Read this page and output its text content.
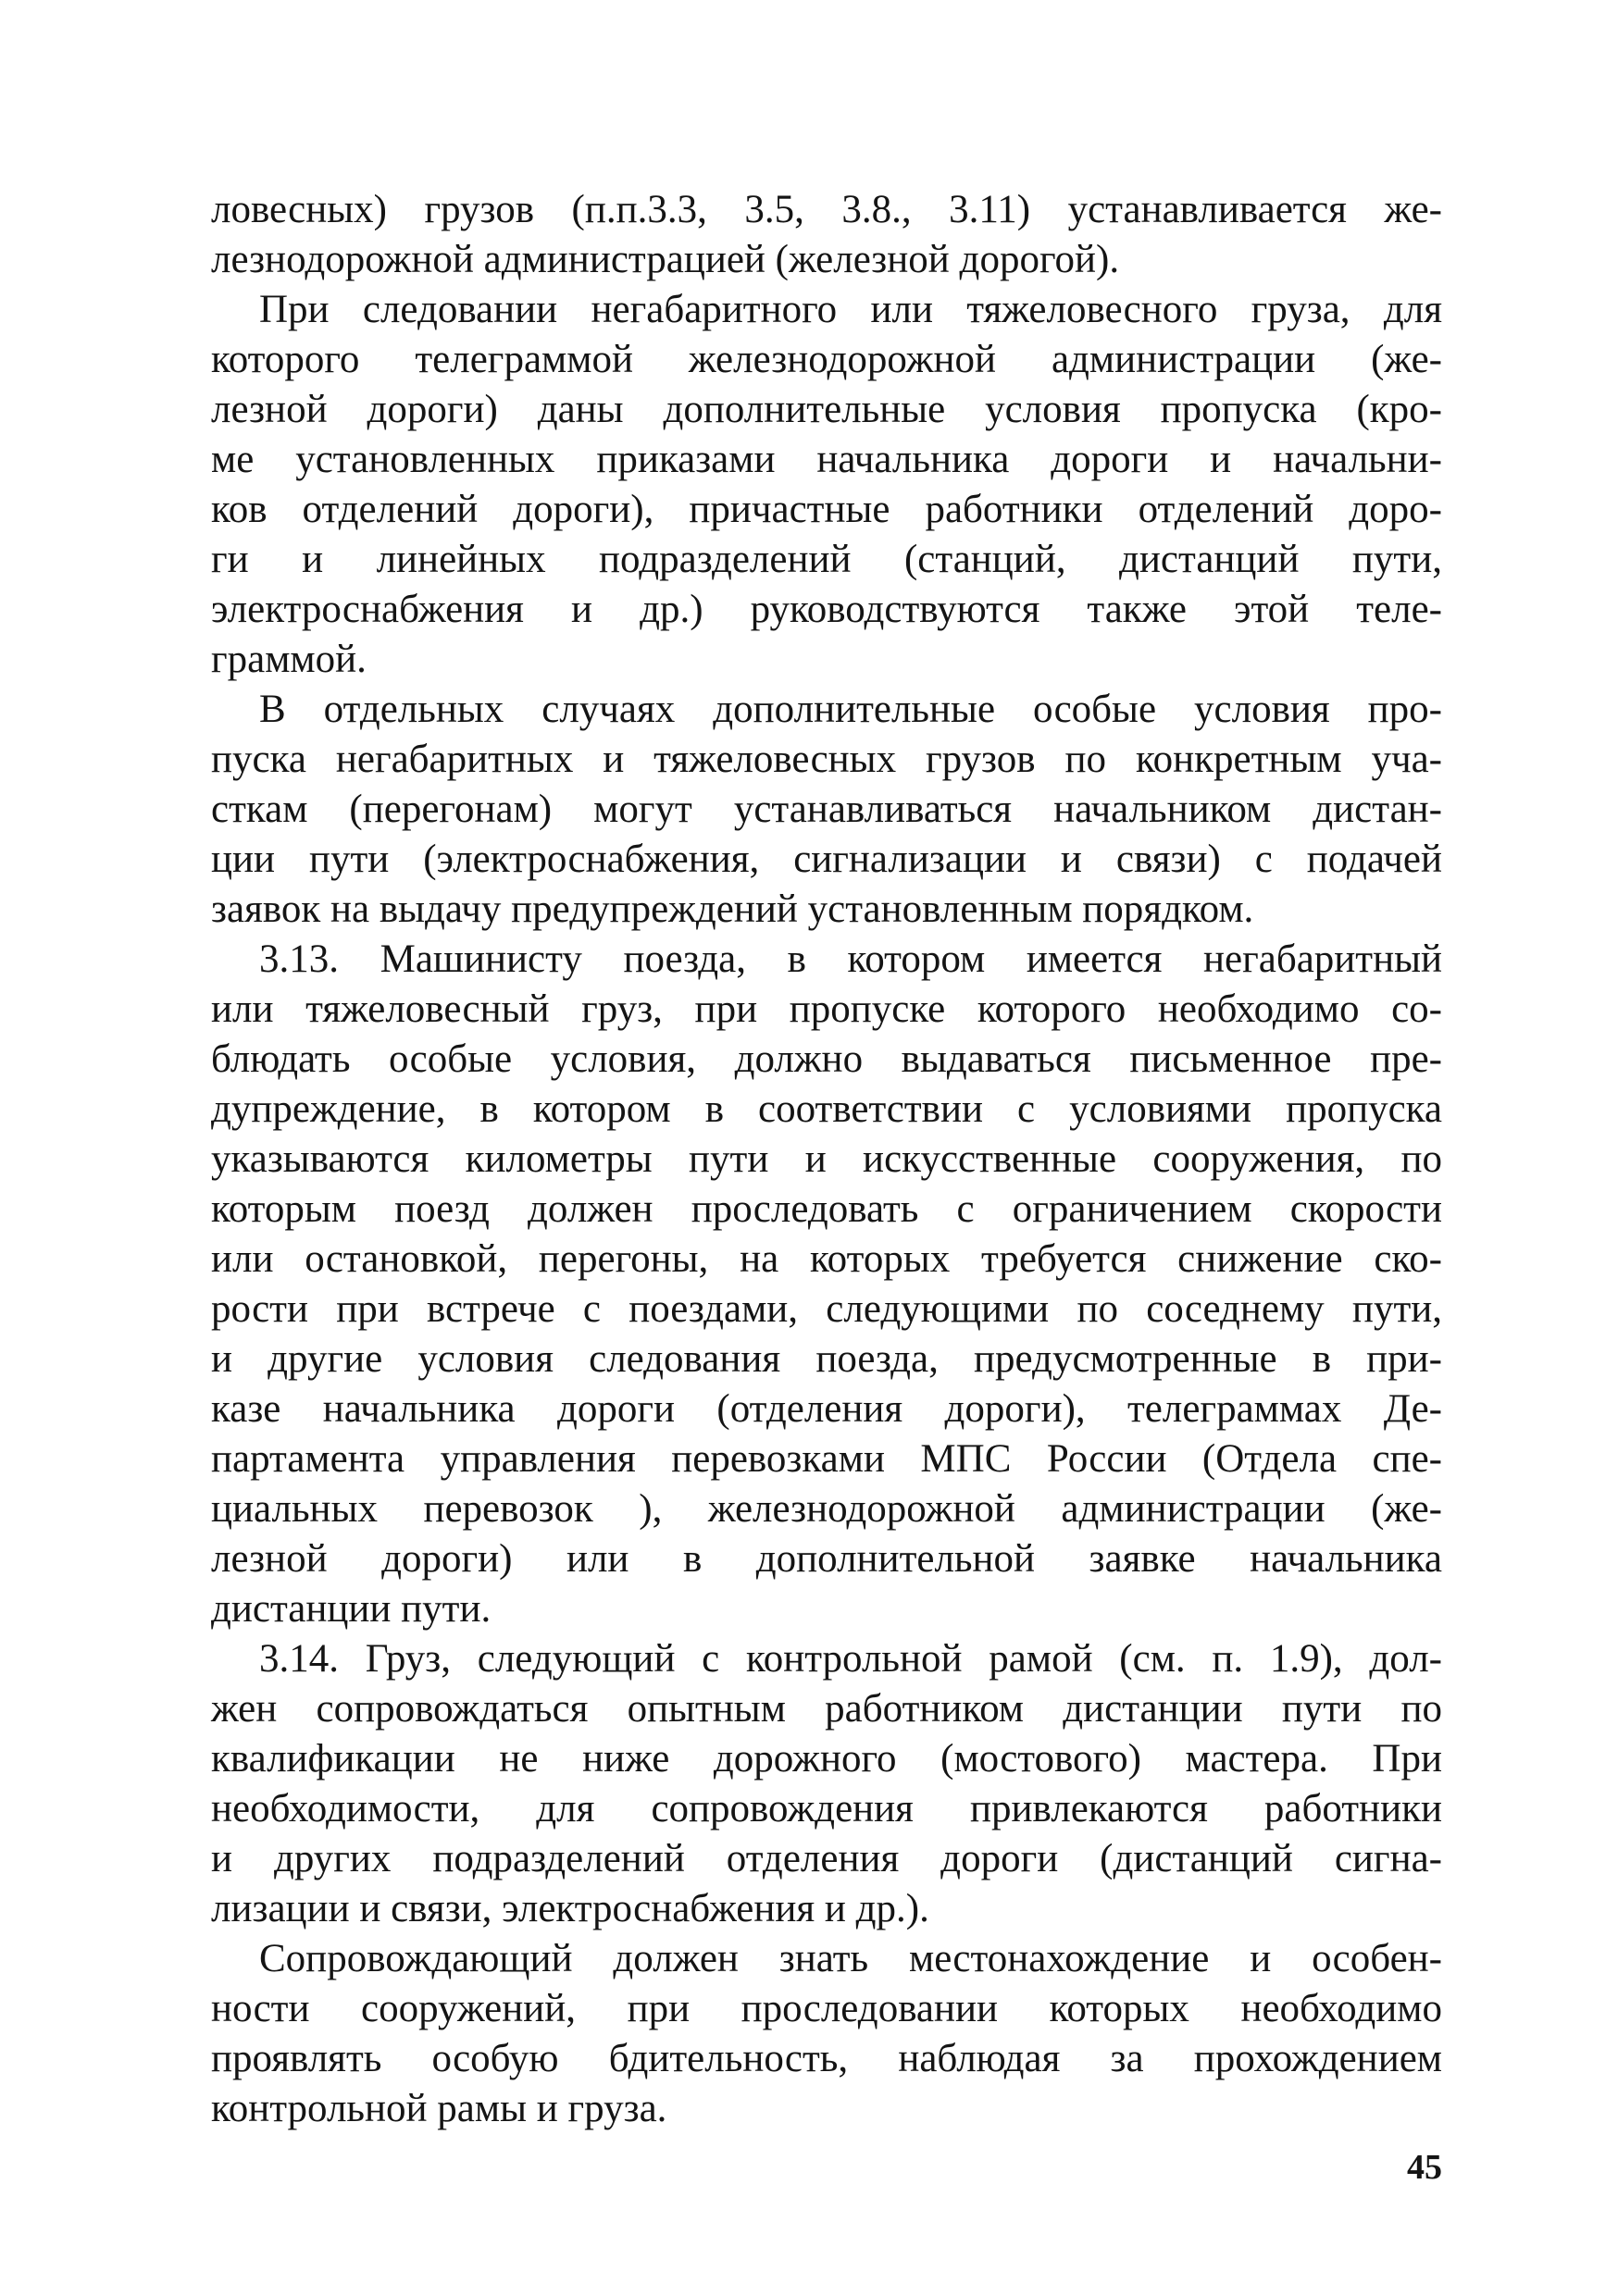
ловесных) грузов (п.п.3.3, 3.5, 3.8., 3.11) устанавливается же-
лезнодорожной администрацией (железной дорогой).
При следовании негабаритного или тяжеловесного груза, для
которого телеграммой железнодорожной администрации (же-
лезной дороги) даны дополнительные условия пропуска (кро-
ме установленных приказами начальника дороги и начальни-
ков отделений дороги), причастные работники отделений доро-
ги и линейных подразделений (станций, дистанций пути,
электроснабжения и др.) руководствуются также этой теле-
граммой.
В отдельных случаях дополнительные особые условия про-
пуска негабаритных и тяжеловесных грузов по конкретным уча-
сткам (перегонам) могут устанавливаться начальником дистан-
ции пути (электроснабжения, сигнализации и связи) с подачей
заявок на выдачу предупреждений установленным порядком.
3.13. Машинисту поезда, в котором имеется негабаритный
или тяжеловесный груз, при пропуске которого необходимо со-
блюдать особые условия, должно выдаваться письменное пре-
дупреждение, в котором в соответствии с условиями пропуска
указываются километры пути и искусственные сооружения, по
которым поезд должен проследовать с ограничением скорости
или остановкой, перегоны, на которых требуется снижение ско-
рости при встрече с поездами, следующими по соседнему пути,
и другие условия следования поезда, предусмотренные в при-
казе начальника дороги (отделения дороги), телеграммах Де-
партамента управления перевозками МПС России (Отдела спе-
циальных перевозок ), железнодорожной администрации (же-
лезной дороги) или в дополнительной заявке начальника
дистанции пути.
3.14. Груз, следующий с контрольной рамой (см. п. 1.9), дол-
жен сопровождаться опытным работником дистанции пути по
квалификации не ниже дорожного (мостового) мастера. При
необходимости, для сопровождения привлекаются работники
и других подразделений отделения дороги (дистанций сигна-
лизации и связи, электроснабжения и др.).
Сопровождающий должен знать местонахождение и особен-
ности сооружений, при проследовании которых необходимо
проявлять особую бдительность, наблюдая за прохождением
контрольной рамы и груза.
45
